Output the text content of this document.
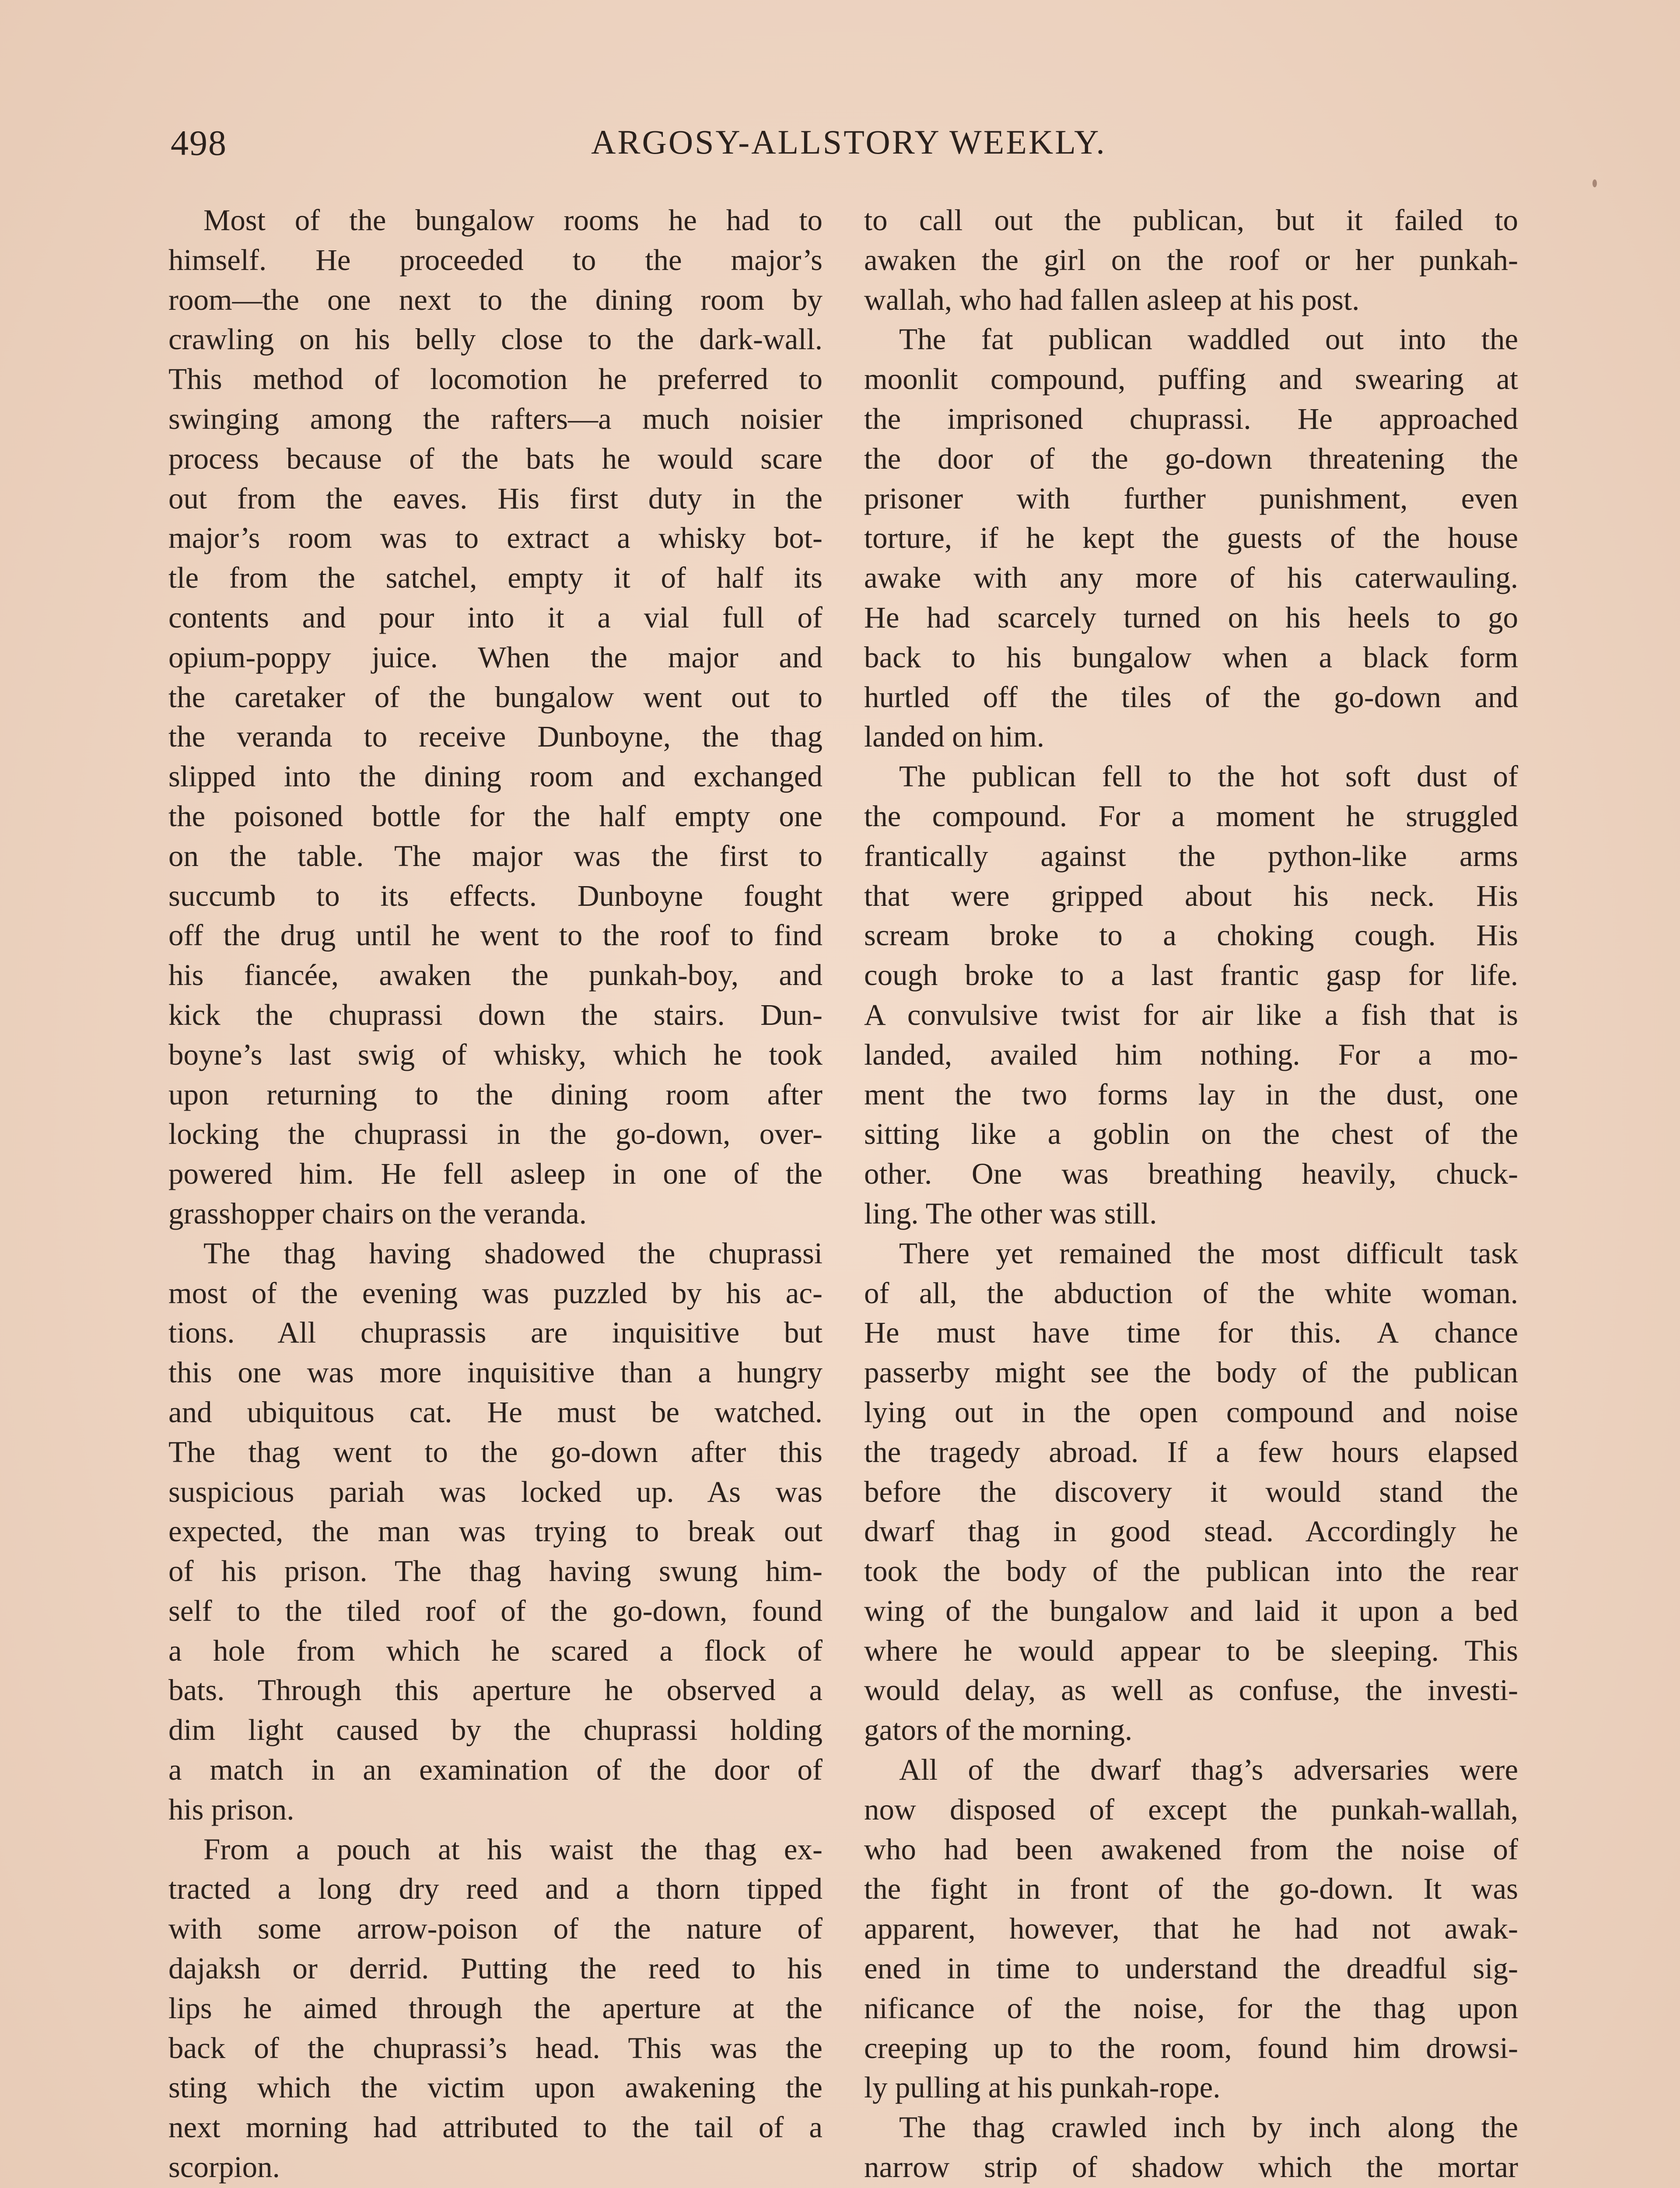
498	ARGOSY-ALLSTORY WEEKLY.
Most of the bungalow rooms he had to
himself. He proceeded to the major’s
room—the one next to the dining room by
crawling on his belly close to the dark-wall.
This method of locomotion he preferred to
swinging among the rafters—a much noisier
process because of the bats he would scare
out from the eaves. His first duty in the
major’s room was to extract a whisky bot-
tle from the satchel, empty it of half its
contents and pour into it a vial full of
opium-poppy juice. When the major and
the caretaker of the bungalow went out to
the veranda to receive Dunboyne, the thag
slipped into the dining room and exchanged
the poisoned bottle for the half empty one
on the table. The major was the first to
succumb to its effects. Dunboyne fought
off the drug until he went to the roof to find
his fiancée, awaken the punkah-boy, and
kick the chuprassi down the stairs. Dun-
boyne’s last swig of whisky, which he took
upon returning to the dining room after
locking the chuprassi in the go-down, over-
powered him. He fell asleep in one of the
grasshopper chairs on the veranda.
The thag having shadowed the chuprassi
most of the evening was puzzled by his ac-
tions. All chuprassis are inquisitive but
this one was more inquisitive than a hungry
and ubiquitous cat. He must be watched.
The thag went to the go-down after this
suspicious pariah was locked up. As was
expected, the man was trying to break out
of his prison. The thag having swung him-
self to the tiled roof of the go-down, found
a hole from which he scared a flock of
bats. Through this aperture he observed a
dim light caused by the chuprassi holding
a match in an examination of the door of
his prison.
From a pouch at his waist the thag ex-
tracted a long dry reed and a thorn tipped
with some arrow-poison of the nature of
dajaksh or derrid. Putting the reed to his
lips he aimed through the aperture at the
back of the chuprassi’s head. This was the
sting which the victim upon awakening the
next morning had attributed to the tail of a
scorpion.
to call out the publican, but it failed to
awaken the girl on the roof or her punkah-
wallah, who had fallen asleep at his post.
The fat publican waddled out into the
moonlit compound, puffing and swearing at
the imprisoned chuprassi. He approached
the door of the go-down threatening the
prisoner with further punishment, even
torture, if he kept the guests of the house
awake with any more of his caterwauling.
He had scarcely turned on his heels to go
back to his bungalow when a black form
hurtled off the tiles of the go-down and
landed on him.
The publican fell to the hot soft dust of
the compound. For a moment he struggled
frantically against the python-like arms
that were gripped about his neck. His
scream broke to a choking cough. His
cough broke to a last frantic gasp for life.
A convulsive twist for air like a fish that is
landed, availed him nothing. For a mo-
ment the two forms lay in the dust, one
sitting like a goblin on the chest of the
other. One was breathing heavily, chuck-
ling. The other was still.
There yet remained the most difficult task
of all, the abduction of the white woman.
He must have time for this. A chance
passerby might see the body of the publican
lying out in the open compound and noise
the tragedy abroad. If a few hours elapsed
before the discovery it would stand the
dwarf thag in good stead. Accordingly he
took the body of the publican into the rear
wing of the bungalow and laid it upon a bed
where he would appear to be sleeping. This
would delay, as well as confuse, the investi-
gators of the morning.
All of the dwarf thag’s adversaries were
now disposed of except the punkah-wallah,
who had been awakened from the noise of
the fight in front of the go-down. It was
apparent, however, that he had not awak-
ened in time to understand the dreadful sig-
nificance of the noise, for the thag upon
creeping up to the room, found him drowsi-
ly pulling at his punkah-rope.
The thag crawled inch by inch along the
narrow strip of shadow which the mortar
